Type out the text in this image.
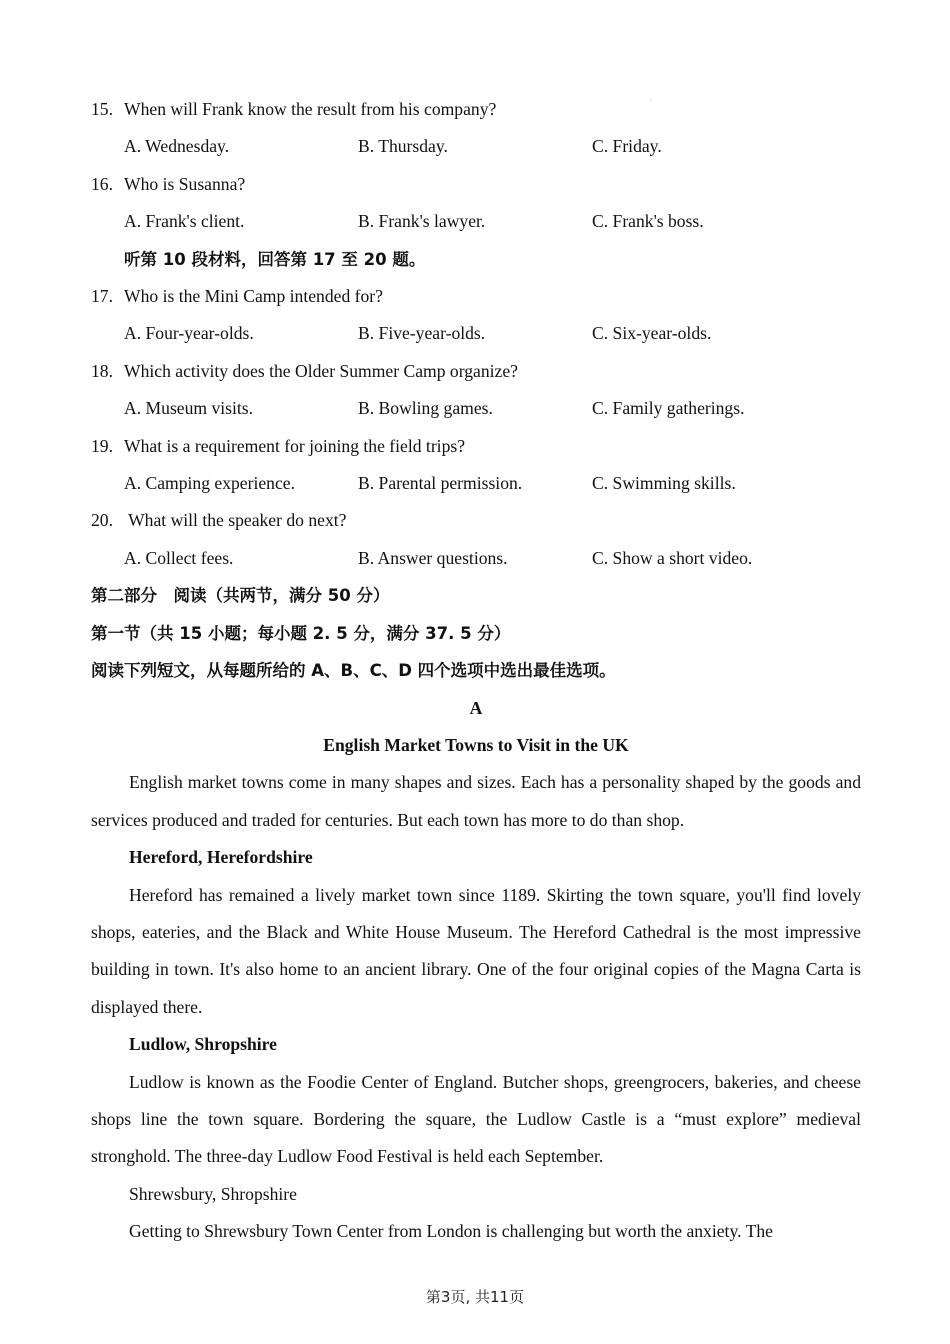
·
15. When will Frank know the result from his company?
A. Wednesday.	B. Thursday.	C. Friday.
16. Who is Susanna?
A. Frank's client.	B. Frank's lawyer.	C. Frank's boss.
听第 10 段材料，回答第 17 至 20 题。
17. Who is the Mini Camp intended for?
A. Four-year-olds.	B. Five-year-olds.	C. Six-year-olds.
18. Which activity does the Older Summer Camp organize?
A. Museum visits.	B. Bowling games.	C. Family gatherings.
19. What is a requirement for joining the field trips?
A. Camping experience.	B. Parental permission.	C. Swimming skills.
20. What will the speaker do next?
A. Collect fees.	B. Answer questions.	C. Show a short video.
第二部分　阅读（共两节，满分 50 分）
第一节（共 15 小题；每小题 2. 5 分，满分 37. 5 分）
阅读下列短文，从每题所给的 A、B、C、D 四个选项中选出最佳选项。
A
English Market Towns to Visit in the UK
English market towns come in many shapes and sizes. Each has a personality shaped by the goods and services produced and traded for centuries. But each town has more to do than shop.
Hereford, Herefordshire
Hereford has remained a lively market town since 1189. Skirting the town square, you'll find lovely shops, eateries, and the Black and White House Museum. The Hereford Cathedral is the most impressive building in town. It's also home to an ancient library. One of the four original copies of the Magna Carta is displayed there.
Ludlow, Shropshire
Ludlow is known as the Foodie Center of England. Butcher shops, greengrocers, bakeries, and cheese shops line the town square. Bordering the square, the Ludlow Castle is a “must explore” medieval stronghold. The three-day Ludlow Food Festival is held each September.
Shrewsbury, Shropshire
Getting to Shrewsbury Town Center from London is challenging but worth the anxiety. The
第3页, 共11页
